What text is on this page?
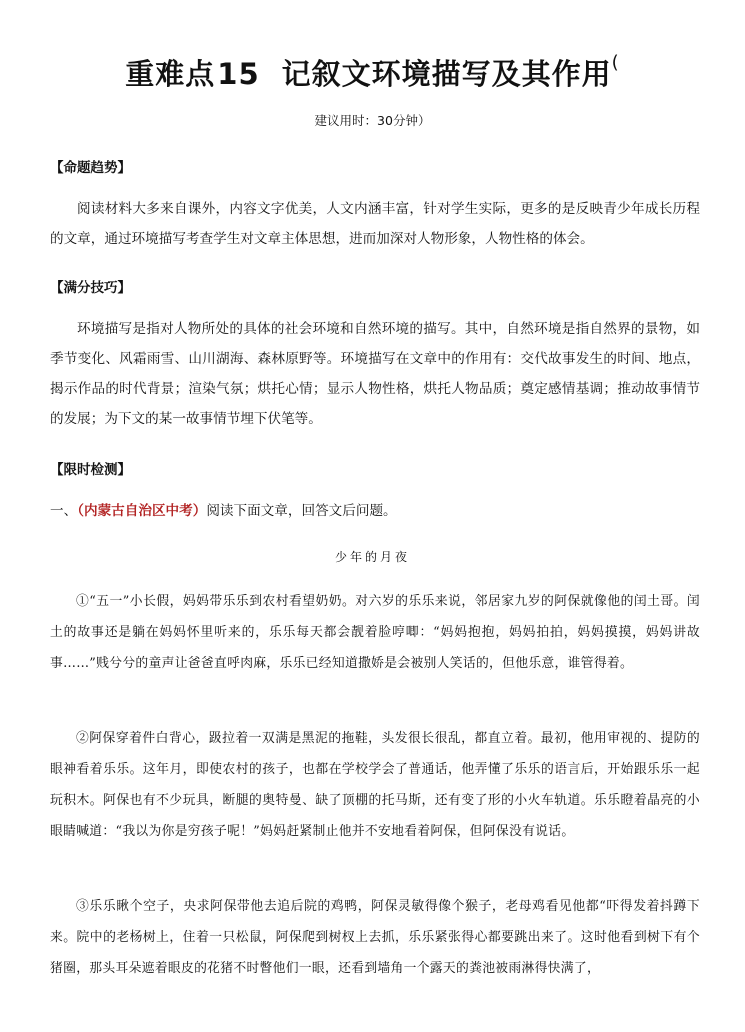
重难点15 记叙文环境描写及其作用(
建议用时：30分钟）
【命题趋势】
阅读材料大多来自课外，内容文字优美，人文内涵丰富，针对学生实际，更多的是反映青少年成长历程的文章，通过环境描写考查学生对文章主体思想，进而加深对人物形象，人物性格的体会。
【满分技巧】
环境描写是指对人物所处的具体的社会环境和自然环境的描写。其中，自然环境是指自然界的景物，如季节变化、风霜雨雪、山川湖海、森林原野等。环境描写在文章中的作用有：交代故事发生的时间、地点，揭示作品的时代背景；渲染气氛；烘托心情；显示人物性格，烘托人物品质；奠定感情基调；推动故事情节的发展；为下文的某一故事情节埋下伏笔等。
【限时检测】
一、（内蒙古自治区中考）阅读下面文章，回答文后问题。
少年的月夜
①“五一”小长假，妈妈带乐乐到农村看望奶奶。对六岁的乐乐来说，邻居家九岁的阿保就像他的闰土哥。闰土的故事还是躺在妈妈怀里听来的，乐乐每天都会靓着脸哼唧：“妈妈抱抱，妈妈拍拍，妈妈摸摸，妈妈讲故事……”贱兮兮的童声让爸爸直呼肉麻，乐乐已经知道撒娇是会被别人笑话的，但他乐意，谁管得着。
②阿保穿着件白背心，趿拉着一双满是黑泥的拖鞋，头发很长很乱，都直立着。最初，他用审视的、提防的眼神看着乐乐。这年月，即使农村的孩子，也都在学校学会了普通话，他弄懂了乐乐的语言后，开始跟乐乐一起玩积木。阿保也有不少玩具，断腿的奥特曼、缺了顶棚的托马斯，还有变了形的小火车轨道。乐乐瞪着晶亮的小眼睛喊道：“我以为你是穷孩子呢！”妈妈赶紧制止他并不安地看着阿保，但阿保没有说话。
③乐乐瞅个空子，央求阿保带他去追后院的鸡鸭，阿保灵敏得像个猴子，老母鸡看见他都“吓得发着抖蹲下来。院中的老杨树上，住着一只松鼠，阿保爬到树杈上去抓，乐乐紧张得心都要跳出来了。这时他看到树下有个猪圈，那头耳朵遮着眼皮的花猪不时瞥他们一眼，还看到墙角一个露天的粪池被雨淋得快满了，
